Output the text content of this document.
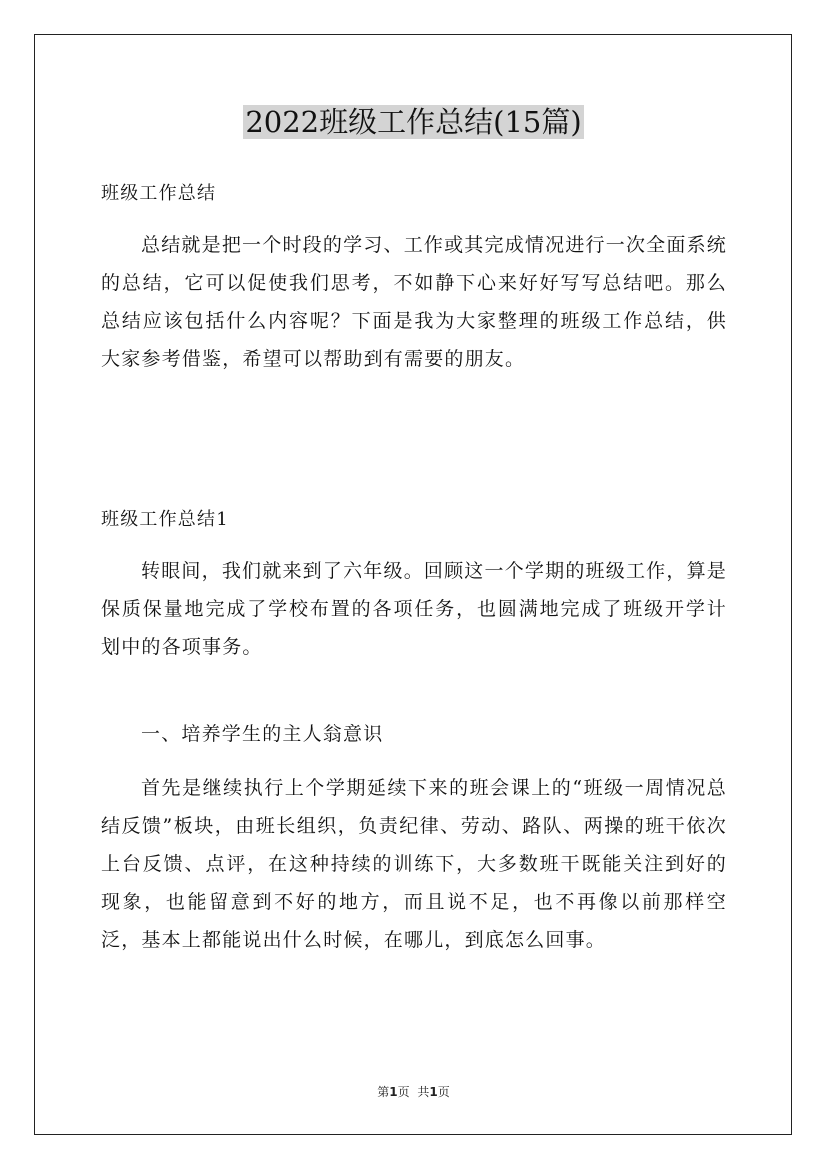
2022班级工作总结(15篇)

班级工作总结

总结就是把一个时段的学习、工作或其完成情况进行一次全面系统的总结，它可以促使我们思考，不如静下心来好好写写总结吧。那么总结应该包括什么内容呢？下面是我为大家整理的班级工作总结，供大家参考借鉴，希望可以帮助到有需要的朋友。

班级工作总结1

转眼间，我们就来到了六年级。回顾这一个学期的班级工作，算是保质保量地完成了学校布置的各项任务，也圆满地完成了班级开学计划中的各项事务。

一、培养学生的主人翁意识

首先是继续执行上个学期延续下来的班会课上的“班级一周情况总结反馈”板块，由班长组织，负责纪律、劳动、路队、两操的班干依次上台反馈、点评，在这种持续的训练下，大多数班干既能关注到好的现象，也能留意到不好的地方，而且说不足，也不再像以前那样空泛，基本上都能说出什么时候，在哪儿，到底怎么回事。

第1页 共1页
